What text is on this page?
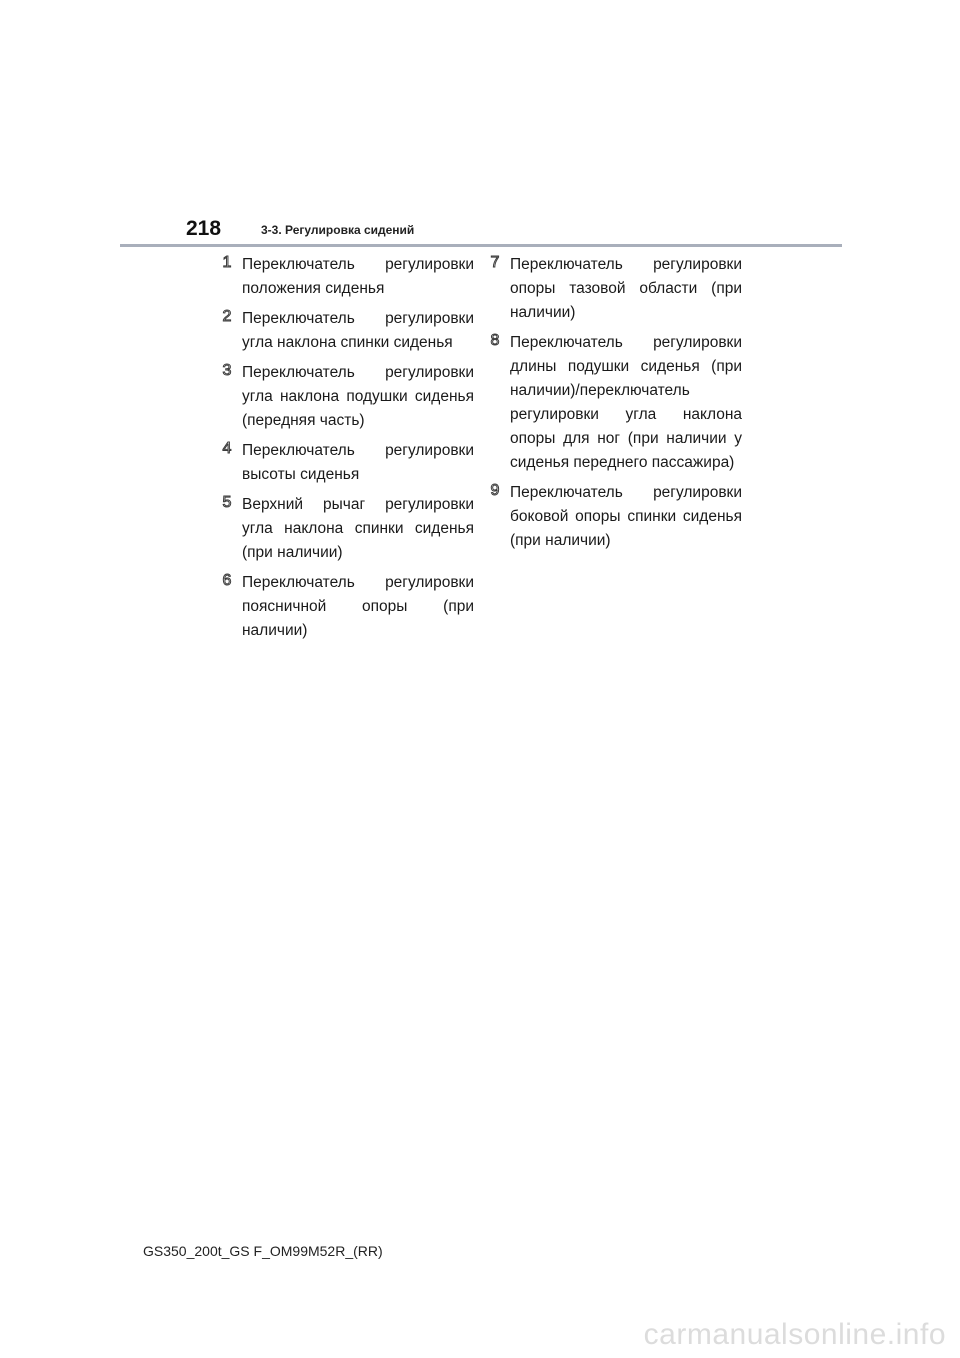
218	3-3. Регулировка сидений
1 Переключатель регулировки положения сиденья
2 Переключатель регулировки угла наклона спинки сиденья
3 Переключатель регулировки угла наклона подушки сиденья (передняя часть)
4 Переключатель регулировки высоты сиденья
5 Верхний рычаг регулировки угла наклона спинки сиденья (при наличии)
6 Переключатель регулировки поясничной опоры (при наличии)
7 Переключатель регулировки опоры тазовой области (при наличии)
8 Переключатель регулировки длины подушки сиденья (при наличии)/переключатель регулировки угла наклона опоры для ног (при наличии у сиденья переднего пассажира)
9 Переключатель регулировки боковой опоры спинки сиденья (при наличии)
GS350_200t_GS F_OM99M52R_(RR)
carmanualsonline.info
